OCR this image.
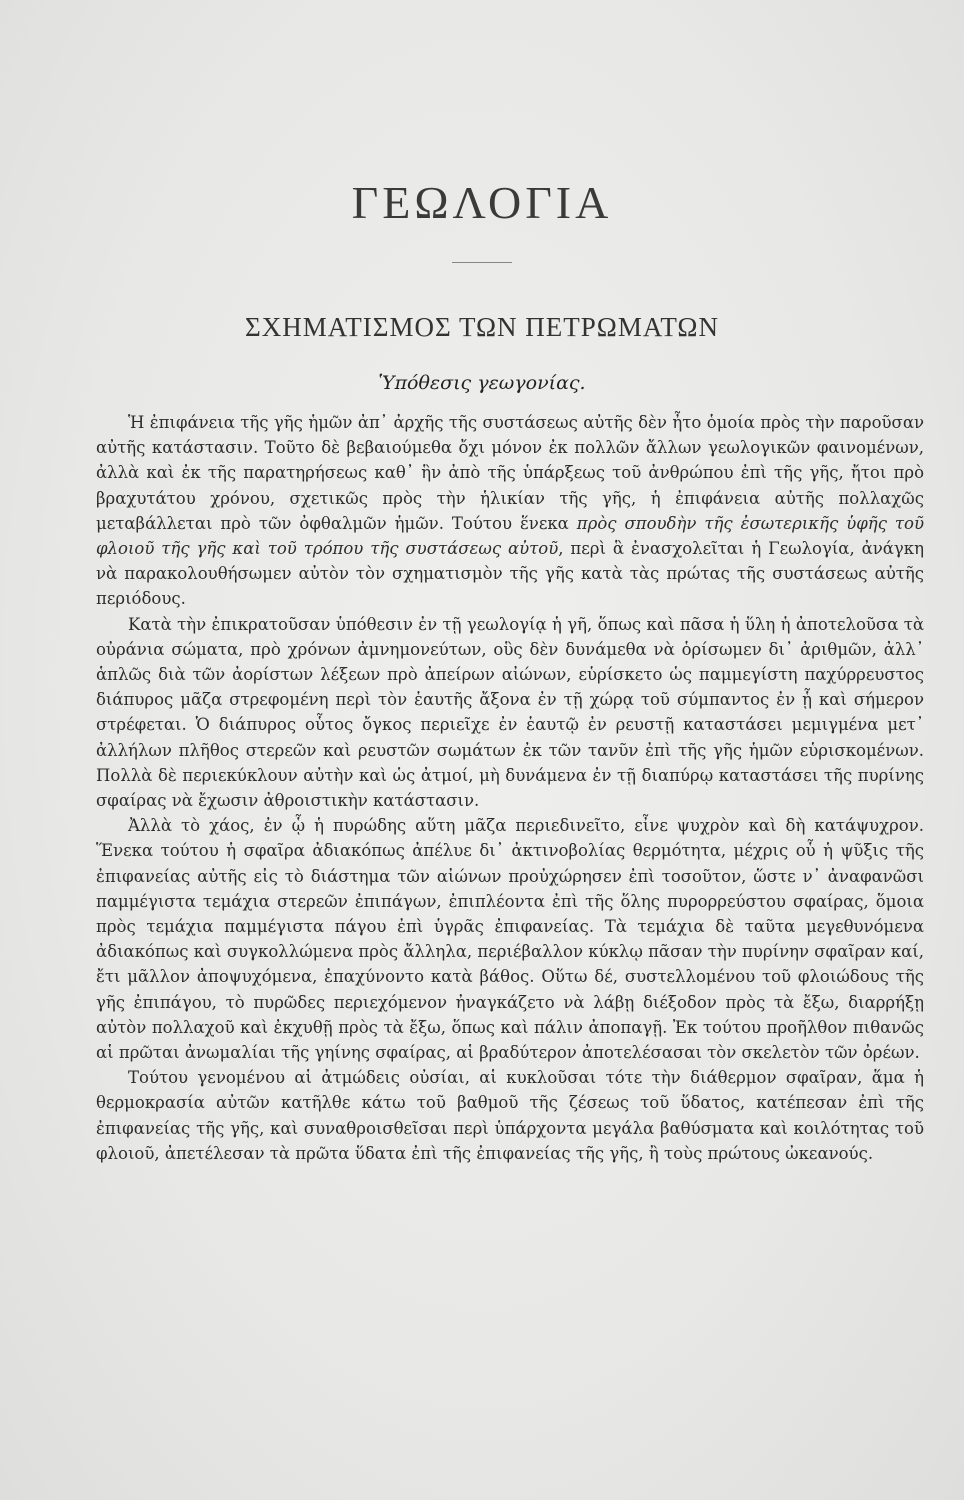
ΓΕΩΛΟΓΙΑ
ΣΧΗΜΑΤΙΣΜΟΣ ΤΩΝ ΠΕΤΡΩΜΑΤΩΝ
Ὑπόθεσις γεωγονίας.

Ἡ ἐπιφάνεια τῆς γῆς ἡμῶν ἀπ᾽ ἀρχῆς τῆς συστάσεως αὐτῆς δὲν ἦτο ὁμοία πρὸς τὴν παροῦσαν αὐτῆς κατάστασιν. Τοῦτο δὲ βεβαιούμεθα ὄχι μόνον ἐκ πολλῶν ἄλλων γεωλογικῶν φαινομένων, ἀλλὰ καὶ ἐκ τῆς παρατηρήσεως καθ᾽ ἣν ἀπὸ τῆς ὑπάρξεως τοῦ ἀνθρώπου ἐπὶ τῆς γῆς, ἤτοι πρὸ βραχυτάτου χρόνου, σχετικῶς πρὸς τὴν ἡλικίαν τῆς γῆς, ἡ ἐπιφάνεια αὐτῆς πολλαχῶς μεταβάλλεται πρὸ τῶν ὀφθαλμῶν ἡμῶν. Τούτου ἕνεκα πρὸς σπουδὴν τῆς ἐσωτερικῆς ὑφῆς τοῦ φλοιοῦ τῆς γῆς καὶ τοῦ τρόπου τῆς συστάσεως αὐτοῦ, περὶ ἃ ἐνασχολεῖται ἡ Γεωλογία, ἀνάγκη νὰ παρακολουθήσωμεν αὐτὸν τὸν σχηματισμὸν τῆς γῆς κατὰ τὰς πρώτας τῆς συστάσεως αὐτῆς περιόδους.

Κατὰ τὴν ἐπικρατοῦσαν ὑπόθεσιν ἐν τῇ γεωλογίᾳ ἡ γῆ, ὅπως καὶ πᾶσα ἡ ὕλη ἡ ἀποτελοῦσα τὰ οὐράνια σώματα, πρὸ χρόνων ἀμνημονεύτων, οὓς δὲν δυνάμεθα νὰ ὁρίσωμεν δι᾽ ἀριθμῶν, ἀλλ᾽ ἁπλῶς διὰ τῶν ἀορίστων λέξεων πρὸ ἀπείρων αἰώνων, εὑρίσκετο ὡς παμμεγίστη παχύρρευστος διάπυρος μᾶζα στρεφομένη περὶ τὸν ἑαυτῆς ἄξονα ἐν τῇ χώρᾳ τοῦ σύμπαντος ἐν ᾗ καὶ σήμερον στρέφεται. Ὁ διάπυρος οὗτος ὄγκος περιεῖχε ἐν ἑαυτῷ ἐν ρευστῇ καταστάσει μεμιγμένα μετ᾽ ἀλλήλων πλῆθος στερεῶν καὶ ρευστῶν σωμάτων ἐκ τῶν τανῦν ἐπὶ τῆς γῆς ἡμῶν εὑρισκομένων. Πολλὰ δὲ περιεκύκλουν αὐτὴν καὶ ὡς ἀτμοί, μὴ δυνάμενα ἐν τῇ διαπύρῳ καταστάσει τῆς πυρίνης σφαίρας νὰ ἔχωσιν ἀθροιστικὴν κατάστασιν.

Ἀλλὰ τὸ χάος, ἐν ᾧ ἡ πυρώδης αὕτη μᾶζα περιεδινεῖτο, εἶνε ψυχρὸν καὶ δὴ κατάψυχρον. Ἕνεκα τούτου ἡ σφαῖρα ἀδιακόπως ἀπέλυε δι᾽ ἀκτινοβολίας θερμότητα, μέχρις οὗ ἡ ψῦξις τῆς ἐπιφανείας αὐτῆς εἰς τὸ διάστημα τῶν αἰώνων προὐχώρησεν ἐπὶ τοσοῦτον, ὥστε ν᾽ ἀναφανῶσι παμμέγιστα τεμάχια στερεῶν ἐπιπάγων, ἐπιπλέοντα ἐπὶ τῆς ὅλης πυρορρεύστου σφαίρας, ὅμοια πρὸς τεμάχια παμμέγιστα πάγου ἐπὶ ὑγρᾶς ἐπιφανείας. Τὰ τεμάχια δὲ ταῦτα μεγεθυνόμενα ἀδιακόπως καὶ συγκολλώμενα πρὸς ἄλληλα, περιέβαλλον κύκλῳ πᾶσαν τὴν πυρίνην σφαῖραν καί, ἔτι μᾶλλον ἀποψυχόμενα, ἐπαχύνοντο κατὰ βάθος. Οὕτω δέ, συστελλομένου τοῦ φλοιώδους τῆς γῆς ἐπιπάγου, τὸ πυρῶδες περιεχόμενον ἠναγκάζετο νὰ λάβῃ διέξοδον πρὸς τὰ ἔξω, διαρρήξῃ αὐτὸν πολλαχοῦ καὶ ἐκχυθῇ πρὸς τὰ ἔξω, ὅπως καὶ πάλιν ἀποπαγῇ. Ἐκ τούτου προῆλθον πιθανῶς αἱ πρῶται ἀνωμαλίαι τῆς γηίνης σφαίρας, αἱ βραδύτερον ἀποτελέσασαι τὸν σκελετὸν τῶν ὀρέων.

Τούτου γενομένου αἱ ἀτμώδεις οὐσίαι, αἱ κυκλοῦσαι τότε τὴν διάθερμον σφαῖραν, ἅμα ἡ θερμοκρασία αὐτῶν κατῆλθε κάτω τοῦ βαθμοῦ τῆς ζέσεως τοῦ ὕδατος, κατέπεσαν ἐπὶ τῆς ἐπιφανείας τῆς γῆς, καὶ συναθροισθεῖσαι περὶ ὑπάρχοντα μεγάλα βαθύσματα καὶ κοιλότητας τοῦ φλοιοῦ, ἀπετέλεσαν τὰ πρῶτα ὕδατα ἐπὶ τῆς ἐπιφανείας τῆς γῆς, ἢ τοὺς πρώτους ὠκεανούς.
